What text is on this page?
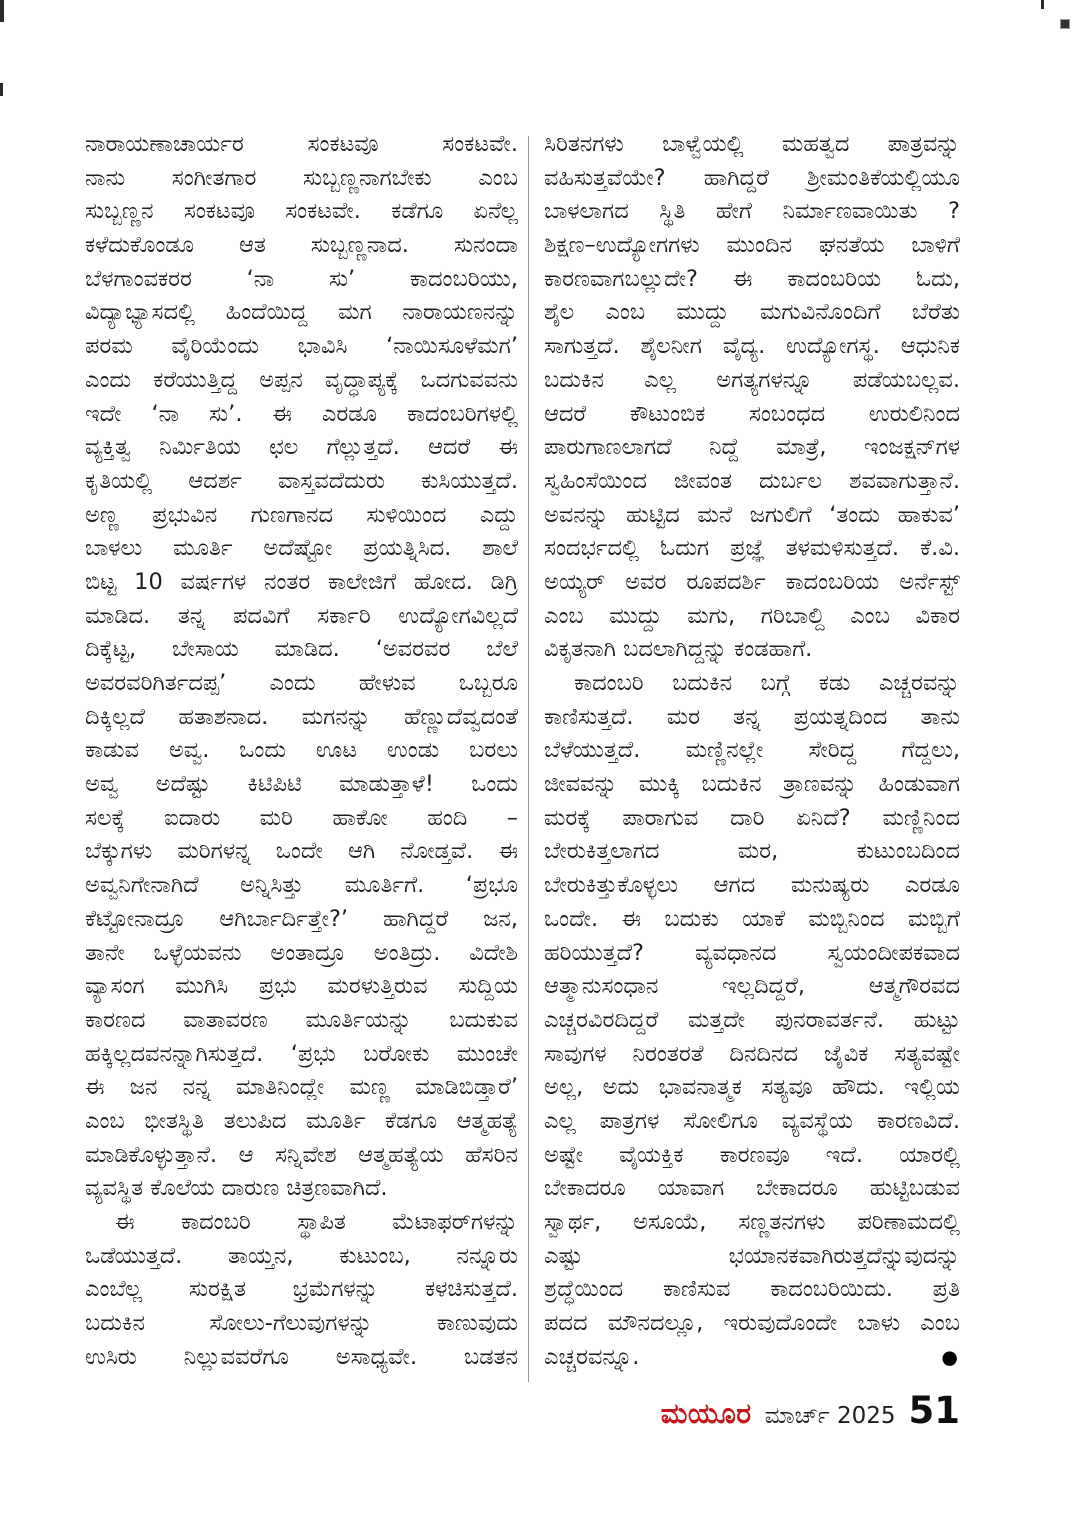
ನಾರಾಯಣಾಚಾರ್ಯರ ಸಂಕಟವೂ ಸಂಕಟವೇ.
ನಾನು ಸಂಗೀತಗಾರ ಸುಬ್ಬಣ್ಣನಾಗಬೇಕು ಎಂಬ
ಸುಬ್ಬಣ್ಣನ ಸಂಕಟವೂ ಸಂಕಟವೇ. ಕಡೆಗೂ ಏನೆಲ್ಲ
ಕಳೆದುಕೊಂಡೂ ಆತ ಸುಬ್ಬಣ್ಣನಾದ. ಸುನಂದಾ
ಬೆಳಗಾಂವಕರರ ‘ನಾ ಸು’ ಕಾದಂಬರಿಯು,
ವಿದ್ಯಾಭ್ಯಾಸದಲ್ಲಿ ಹಿಂದೆಯಿದ್ದ ಮಗ ನಾರಾಯಣನನ್ನು
ಪರಮ ವೈರಿಯೆಂದು ಭಾವಿಸಿ ‘ನಾಯಿಸೂಳೆಮಗ’
ಎಂದು ಕರೆಯುತ್ತಿದ್ದ ಅಪ್ಪನ ವೃದ್ಧಾಪ್ಯಕ್ಕೆ ಒದಗುವವನು
ಇದೇ ‘ನಾ ಸು’. ಈ ಎರಡೂ ಕಾದಂಬರಿಗಳಲ್ಲಿ
ವ್ಯಕ್ತಿತ್ವ ನಿರ್ಮಿತಿಯ ಛಲ ಗೆಲ್ಲುತ್ತದೆ. ಆದರೆ ಈ
ಕೃತಿಯಲ್ಲಿ ಆದರ್ಶ ವಾಸ್ತವದೆದುರು ಕುಸಿಯುತ್ತದೆ.
ಅಣ್ಣ ಪ್ರಭುವಿನ ಗುಣಗಾನದ ಸುಳಿಯಿಂದ ಎದ್ದು
ಬಾಳಲು ಮೂರ್ತಿ ಅದೆಷ್ಟೋ ಪ್ರಯತ್ನಿಸಿದ. ಶಾಲೆ
ಬಿಟ್ಟ 10 ವರ್ಷಗಳ ನಂತರ ಕಾಲೇಜಿಗೆ ಹೋದ. ಡಿಗ್ರಿ
ಮಾಡಿದ. ತನ್ನ ಪದವಿಗೆ ಸರ್ಕಾರಿ ಉದ್ಯೋಗವಿಲ್ಲದೆ
ದಿಕ್ಕೆಟ್ಟ, ಬೇಸಾಯ ಮಾಡಿದ. ‘ಅವರವರ ಬೆಲೆ
ಅವರವರಿಗಿರ್ತದಪ್ಪ’ ಎಂದು ಹೇಳುವ ಒಬ್ಬರೂ
ದಿಕ್ಕಿಲ್ಲದೆ ಹತಾಶನಾದ. ಮಗನನ್ನು ಹೆಣ್ಣುದೆವ್ವದಂತೆ
ಕಾಡುವ ಅವ್ವ. ಒಂದು ಊಟ ಉಂಡು ಬರಲು
ಅವ್ವ ಅದೆಷ್ಟು ಕಿಟಿಪಿಟಿ ಮಾಡುತ್ತಾಳೆ! ಒಂದು
ಸಲಕ್ಕೆ ಐದಾರು ಮರಿ ಹಾಕೋ ಹಂದಿ –
ಬೆಕ್ಕುಗಳು ಮರಿಗಳನ್ನ ಒಂದೇ ಆಗಿ ನೋಡ್ತವೆ. ಈ
ಅವ್ವನಿಗೇನಾಗಿದೆ ಅನ್ನಿಸಿತ್ತು ಮೂರ್ತಿಗೆ. ‘ಪ್ರಭೂ
ಕೆಟ್ಟೋನಾದ್ರೂ ಆಗಿರ್ಬಾರ್ದಿತ್ತೇ?’ ಹಾಗಿದ್ದರೆ ಜನ,
ತಾನೇ ಒಳ್ಳೆಯವನು ಅಂತಾದ್ರೂ ಅಂತಿದ್ರು. ವಿದೇಶಿ
ವ್ಯಾಸಂಗ ಮುಗಿಸಿ ಪ್ರಭು ಮರಳುತ್ತಿರುವ ಸುದ್ದಿಯ
ಕಾರಣದ ವಾತಾವರಣ ಮೂರ್ತಿಯನ್ನು ಬದುಕುವ
ಹಕ್ಕಿಲ್ಲದವನನ್ನಾಗಿಸುತ್ತದೆ. ‘ಪ್ರಭು ಬರೋಕು ಮುಂಚೇ
ಈ ಜನ ನನ್ನ ಮಾತಿನಿಂದ್ಲೇ ಮಣ್ಣ ಮಾಡಿಬಿಡ್ತಾರೆ’
ಎಂಬ ಭೀತಸ್ಥಿತಿ ತಲುಪಿದ ಮೂರ್ತಿ ಕೆಡಗೂ ಆತ್ಮಹತ್ಯೆ
ಮಾಡಿಕೊಳ್ಳುತ್ತಾನೆ. ಆ ಸನ್ನಿವೇಶ ಆತ್ಮಹತ್ಯೆಯ ಹೆಸರಿನ
ವ್ಯವಸ್ಥಿತ ಕೊಲೆಯ ದಾರುಣ ಚಿತ್ರಣವಾಗಿದೆ.
ಈ ಕಾದಂಬರಿ ಸ್ಥಾಪಿತ ಮೆಟಾಫರ್‌ಗಳನ್ನು
ಒಡೆಯುತ್ತದೆ. ತಾಯ್ತನ, ಕುಟುಂಬ, ನನ್ನೂರು
ಎಂಬೆಲ್ಲ ಸುರಕ್ಷಿತ ಭ್ರಮೆಗಳನ್ನು ಕಳಚಿಸುತ್ತದೆ.
ಬದುಕಿನ ಸೋಲು-ಗೆಲುವುಗಳನ್ನು ಕಾಣುವುದು
ಉಸಿರು ನಿಲ್ಲುವವರೆಗೂ ಅಸಾಧ್ಯವೇ. ಬಡತನ
ಸಿರಿತನಗಳು ಬಾಳ್ವೆಯಲ್ಲಿ ಮಹತ್ವದ ಪಾತ್ರವನ್ನು
ವಹಿಸುತ್ತವೆಯೇ? ಹಾಗಿದ್ದರೆ ಶ್ರೀಮಂತಿಕೆಯಲ್ಲಿಯೂ
ಬಾಳಲಾಗದ ಸ್ಥಿತಿ ಹೇಗೆ ನಿರ್ಮಾಣವಾಯಿತು ?
ಶಿಕ್ಷಣ–ಉದ್ಯೋಗಗಳು ಮುಂದಿನ ಘನತೆಯ ಬಾಳಿಗೆ
ಕಾರಣವಾಗಬಲ್ಲುದೇ? ಈ ಕಾದಂಬರಿಯ ಓದು,
ಶೈಲ ಎಂಬ ಮುದ್ದು ಮಗುವಿನೊಂದಿಗೆ ಬೆರೆತು
ಸಾಗುತ್ತದೆ. ಶೈಲನೀಗ ವೈದ್ಯ. ಉದ್ಯೋಗಸ್ಥ. ಆಧುನಿಕ
ಬದುಕಿನ ಎಲ್ಲ ಅಗತ್ಯಗಳನ್ನೂ ಪಡೆಯಬಲ್ಲವ.
ಆದರೆ ಕೌಟುಂಬಿಕ ಸಂಬಂಧದ ಉರುಲಿನಿಂದ
ಪಾರುಗಾಣಲಾಗದೆ ನಿದ್ದೆ ಮಾತ್ರೆ, ಇಂಜಕ್ಷನ್‌ಗಳ
ಸ್ವಹಿಂಸೆಯಿಂದ ಜೀವಂತ ದುರ್ಬಲ ಶವವಾಗುತ್ತಾನೆ.
ಅವನನ್ನು ಹುಟ್ಟಿದ ಮನೆ ಜಗುಲಿಗೆ ‘ತಂದು ಹಾಕುವ’
ಸಂದರ್ಭದಲ್ಲಿ ಓದುಗ ಪ್ರಜ್ಞೆ ತಳಮಳಿಸುತ್ತದೆ. ಕೆ.ವಿ.
ಅಯ್ಯರ್ ಅವರ ರೂಪದರ್ಶಿ ಕಾದಂಬರಿಯ ಅರ್ನೆಸ್ಟ್
ಎಂಬ ಮುದ್ದು ಮಗು, ಗರಿಬಾಲ್ದಿ ಎಂಬ ವಿಕಾರ
ವಿಕೃತನಾಗಿ ಬದಲಾಗಿದ್ದನ್ನು ಕಂಡಹಾಗೆ.
ಕಾದಂಬರಿ ಬದುಕಿನ ಬಗ್ಗೆ ಕಡು ಎಚ್ಚರವನ್ನು
ಕಾಣಿಸುತ್ತದೆ. ಮರ ತನ್ನ ಪ್ರಯತ್ನದಿಂದ ತಾನು
ಬೆಳೆಯುತ್ತದೆ. ಮಣ್ಣಿನಲ್ಲೇ ಸೇರಿದ್ದ ಗೆದ್ದಲು,
ಜೀವವನ್ನು ಮುಕ್ಕಿ ಬದುಕಿನ ತ್ರಾಣವನ್ನು ಹಿಂಡುವಾಗ
ಮರಕ್ಕೆ ಪಾರಾಗುವ ದಾರಿ ಏನಿದೆ? ಮಣ್ಣಿನಿಂದ
ಬೇರುಕಿತ್ತಲಾಗದ ಮರ, ಕುಟುಂಬದಿಂದ
ಬೇರುಕಿತ್ತುಕೊಳ್ಳಲು ಆಗದ ಮನುಷ್ಯರು ಎರಡೂ
ಒಂದೇ. ಈ ಬದುಕು ಯಾಕೆ ಮಬ್ಬಿನಿಂದ ಮಬ್ಬಿಗೆ
ಹರಿಯುತ್ತದೆ? ವ್ಯವಧಾನದ ಸ್ವಯಂದೀಪಕವಾದ
ಆತ್ಮಾನುಸಂಧಾನ ಇಲ್ಲದಿದ್ದರೆ, ಆತ್ಮಗೌರವದ
ಎಚ್ಚರವಿರದಿದ್ದರೆ ಮತ್ತದೇ ಪುನರಾವರ್ತನೆ. ಹುಟ್ಟು
ಸಾವುಗಳ ನಿರಂತರತೆ ದಿನದಿನದ ಜೈವಿಕ ಸತ್ಯವಷ್ಟೇ
ಅಲ್ಲ, ಅದು ಭಾವನಾತ್ಮಕ ಸತ್ಯವೂ ಹೌದು. ಇಲ್ಲಿಯ
ಎಲ್ಲ ಪಾತ್ರಗಳ ಸೋಲಿಗೂ ವ್ಯವಸ್ಥೆಯ ಕಾರಣವಿದೆ.
ಅಷ್ಟೇ ವೈಯಕ್ತಿಕ ಕಾರಣವೂ ಇದೆ. ಯಾರಲ್ಲಿ
ಬೇಕಾದರೂ ಯಾವಾಗ ಬೇಕಾದರೂ ಹುಟ್ಟಿಬಡುವ
ಸ್ವಾರ್ಥ, ಅಸೂಯೆ, ಸಣ್ಣತನಗಳು ಪರಿಣಾಮದಲ್ಲಿ
ಎಷ್ಟು ಭಯಾನಕವಾಗಿರುತ್ತದೆನ್ನುವುದನ್ನು
ಶ್ರದ್ಧೆಯಿಂದ ಕಾಣಿಸುವ ಕಾದಂಬರಿಯಿದು. ಪ್ರತಿ
ಪದದ ಮೌನದಲ್ಲೂ, ಇರುವುದೊಂದೇ ಬಾಳು ಎಂಬ
ಎಚ್ಚರವನ್ನೂ.	●
ಮಯೂರ ಮಾರ್ಚ್ 2025 51
